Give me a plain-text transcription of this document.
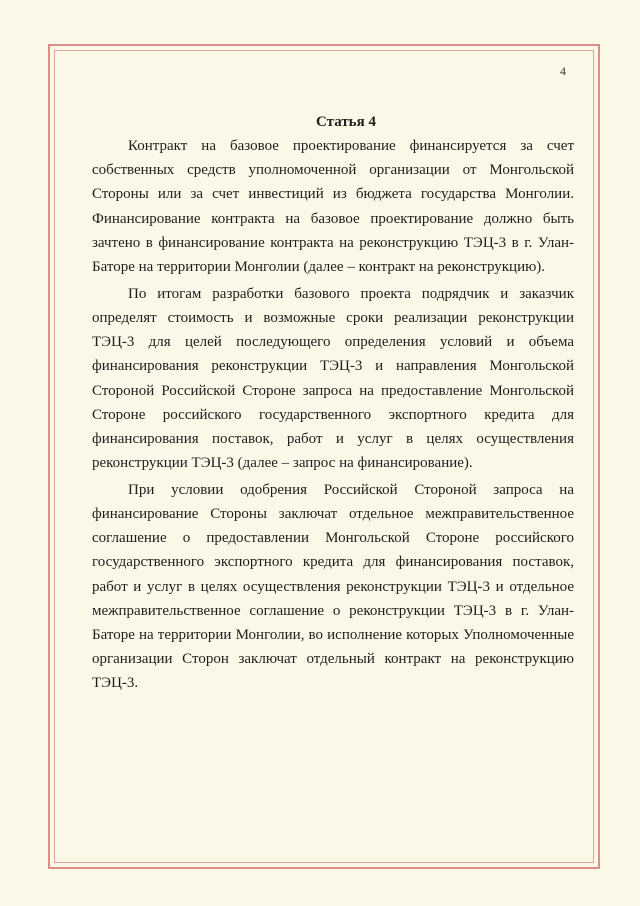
4

Статья 4

Контракт на базовое проектирование финансируется за счет собственных средств уполномоченной организации от Монгольской Стороны или за счет инвестиций из бюджета государства Монголии. Финансирование контракта на базовое проектирование должно быть зачтено в финансирование контракта на реконструкцию ТЭЦ-3 в г. Улан-Баторе на территории Монголии (далее – контракт на реконструкцию).

По итогам разработки базового проекта подрядчик и заказчик определят стоимость и возможные сроки реализации реконструкции ТЭЦ-3 для целей последующего определения условий и объема финансирования реконструкции ТЭЦ-3 и направления Монгольской Стороной Российской Стороне запроса на предоставление Монгольской Стороне российского государственного экспортного кредита для финансирования поставок, работ и услуг в целях осуществления реконструкции ТЭЦ-3 (далее – запрос на финансирование).

При условии одобрения Российской Стороной запроса на финансирование Стороны заключат отдельное межправительственное соглашение о предоставлении Монгольской Стороне российского государственного экспортного кредита для финансирования поставок, работ и услуг в целях осуществления реконструкции ТЭЦ-3 и отдельное межправительственное соглашение о реконструкции ТЭЦ-3 в г. Улан-Баторе на территории Монголии, во исполнение которых Уполномоченные организации Сторон заключат отдельный контракт на реконструкцию ТЭЦ-3.
